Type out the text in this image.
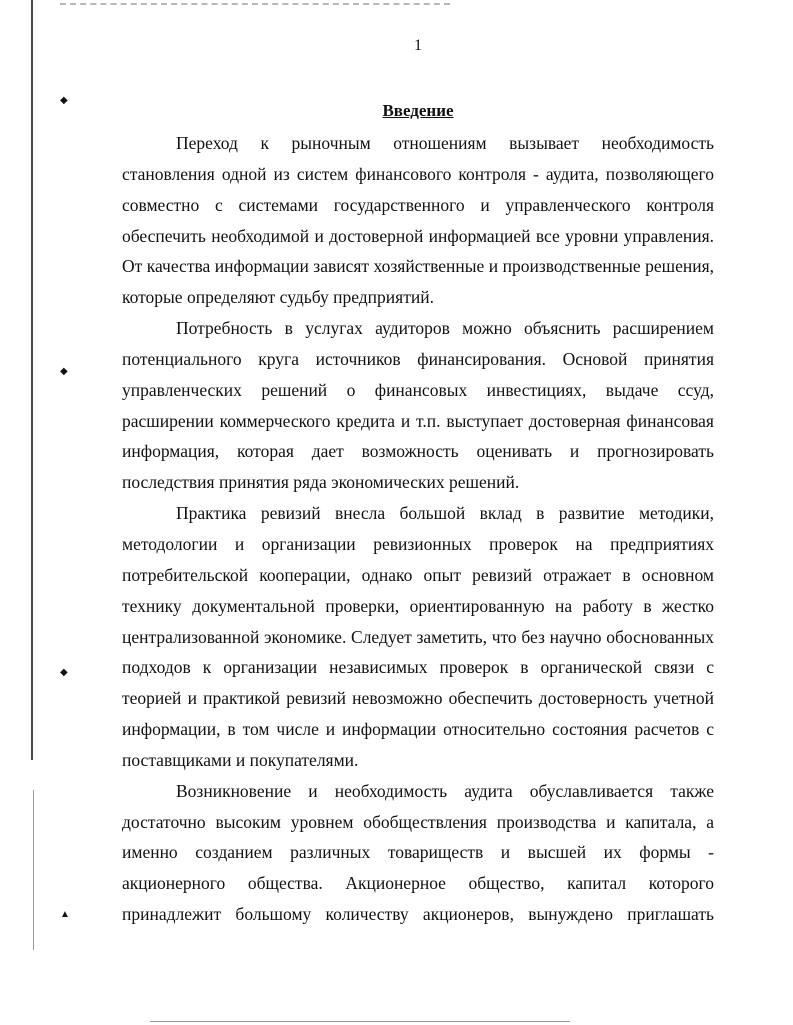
◆
◆
◆
▲
1
Введение

Переход к рыночным отношениям вызывает необходимость становления одной из систем финансового контроля - аудита, позволяющего совместно с системами государственного и управленческого контроля обеспечить необходимой и достоверной информацией все уровни управления. От качества информации зависят хозяйственные и производственные решения, которые определяют судьбу предприятий.

Потребность в услугах аудиторов можно объяснить расширением потенциального круга источников финансирования. Основой принятия управленческих решений о финансовых инвестициях, выдаче ссуд, расширении коммерческого кредита и т.п. выступает достоверная финансовая информация, которая дает возможность оценивать и прогнозировать последствия принятия ряда экономических решений.

Практика ревизий внесла большой вклад в развитие методики, методологии и организации ревизионных проверок на предприятиях потребительской кооперации, однако опыт ревизий отражает в основном технику документальной проверки, ориентированную на работу в жестко централизованной экономике. Следует заметить, что без научно обоснованных подходов к организации независимых проверок в органической связи с теорией и практикой ревизий невозможно обеспечить достоверность учетной информации, в том числе и информации относительно состояния расчетов с поставщиками и покупателями.

Возникновение и необходимость аудита обуславливается также достаточно высоким уровнем обобществления производства и капитала, а именно созданием различных товариществ и высшей их формы - акционерного общества. Акционерное общество, капитал которого принадлежит большому количеству акционеров, вынуждено приглашать
